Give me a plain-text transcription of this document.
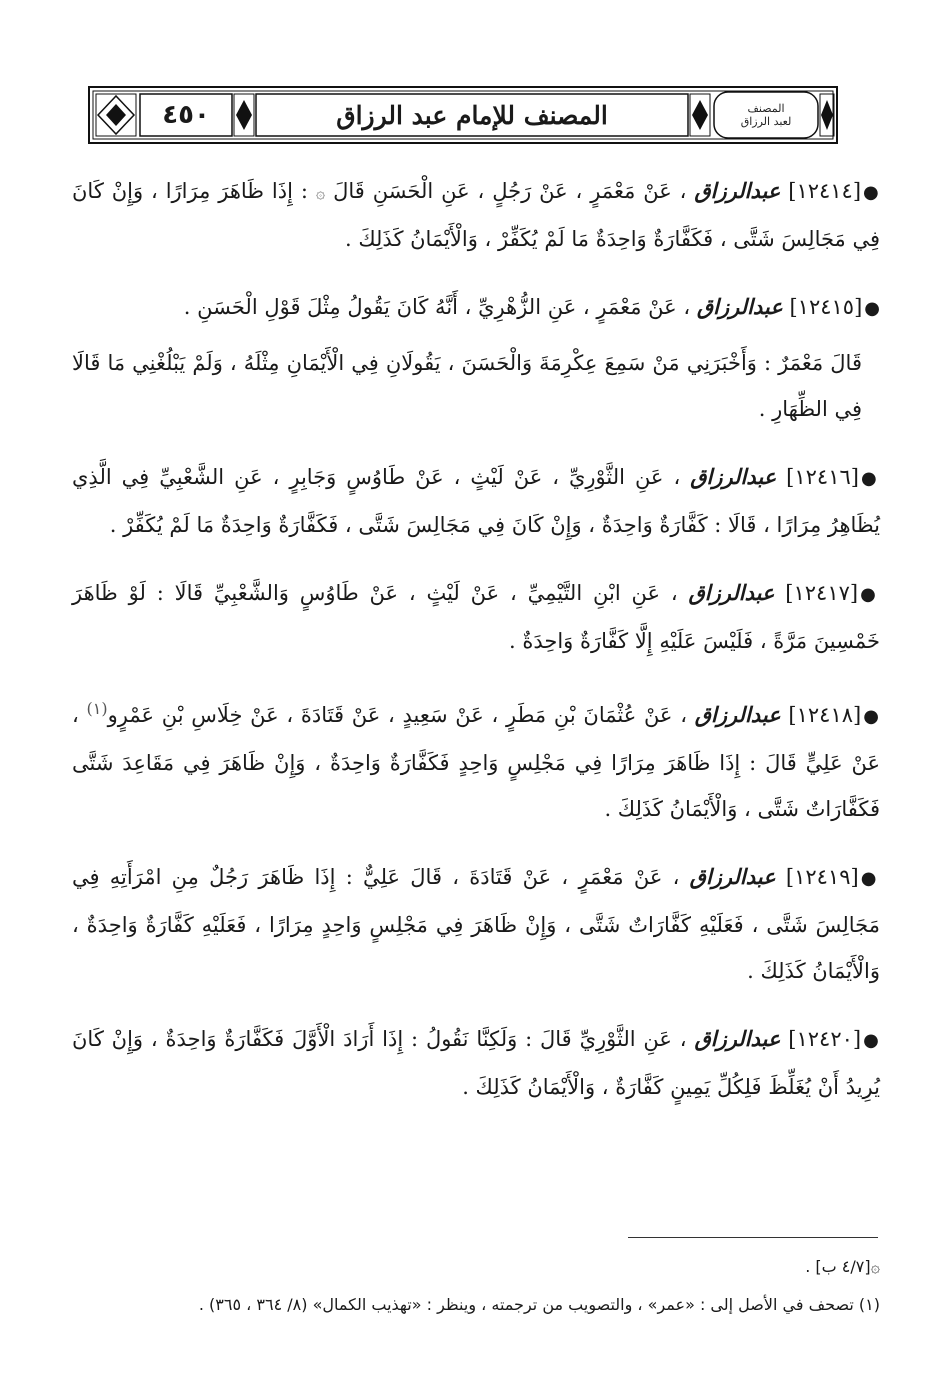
٤٥٠	المصنف للإمام عبد الرزاق	المصنف
لعبد الرزاق

●[١٢٤١٤] عبدالرزاق ، عَنْ مَعْمَرٍ ، عَنْ رَجُلٍ ، عَنِ الْحَسَنِ قَالَ ۞ : إِذَا ظَاهَرَ مِرَارًا ، وَإِنْ كَانَ فِي مَجَالِسَ شَتَّى ، فَكَفَّارَةٌ وَاحِدَةٌ مَا لَمْ يُكَفِّرْ ، وَالْأَيْمَانُ كَذَلِكَ .

●[١٢٤١٥] عبدالرزاق ، عَنْ مَعْمَرٍ ، عَنِ الزُّهْرِيِّ ، أَنَّهُ كَانَ يَقُولُ مِثْلَ قَوْلِ الْحَسَنِ .

قَالَ مَعْمَرٌ : وَأَخْبَرَنِي مَنْ سَمِعَ عِكْرِمَةَ وَالْحَسَنَ ، يَقُولَانِ فِي الْأَيْمَانِ مِثْلَهُ ، وَلَمْ يَبْلُغْنِي مَا قَالَا فِي الظِّهَارِ .

●[١٢٤١٦] عبدالرزاق ، عَنِ الثَّوْرِيِّ ، عَنْ لَيْثٍ ، عَنْ طَاوُسٍ وَجَابِرٍ ، عَنِ الشَّعْبِيِّ فِي الَّذِي يُظَاهِرُ مِرَارًا ، قَالَا : كَفَّارَةٌ وَاحِدَةٌ ، وَإِنْ كَانَ فِي مَجَالِسَ شَتَّى ، فَكَفَّارَةٌ وَاحِدَةٌ مَا لَمْ يُكَفِّرْ .

●[١٢٤١٧] عبدالرزاق ، عَنِ ابْنِ التَّيْمِيِّ ، عَنْ لَيْثٍ ، عَنْ طَاوُسٍ وَالشَّعْبِيِّ قَالَا : لَوْ ظَاهَرَ خَمْسِينَ مَرَّةً ، فَلَيْسَ عَلَيْهِ إِلَّا كَفَّارَةٌ وَاحِدَةٌ .

●[١٢٤١٨] عبدالرزاق ، عَنْ عُثْمَانَ بْنِ مَطَرٍ ، عَنْ سَعِيدٍ ، عَنْ قَتَادَةَ ، عَنْ خِلَاسِ بْنِ عَمْرٍو$^{(١)}$ ، عَنْ عَلِيٍّ قَالَ : إِذَا ظَاهَرَ مِرَارًا فِي مَجْلِسٍ وَاحِدٍ فَكَفَّارَةٌ وَاحِدَةٌ ، وَإِنْ ظَاهَرَ فِي مَقَاعِدَ شَتَّى فَكَفَّارَاتٌ شَتَّى ، وَالْأَيْمَانُ كَذَلِكَ .

●[١٢٤١٩] عبدالرزاق ، عَنْ مَعْمَرٍ ، عَنْ قَتَادَةَ ، قَالَ عَلِيٌّ : إِذَا ظَاهَرَ رَجُلٌ مِنِ امْرَأَتِهِ فِي مَجَالِسَ شَتَّى ، فَعَلَيْهِ كَفَّارَاتٌ شَتَّى ، وَإِنْ ظَاهَرَ فِي مَجْلِسٍ وَاحِدٍ مِرَارًا ، فَعَلَيْهِ كَفَّارَةٌ وَاحِدَةٌ ، وَالْأَيْمَانُ كَذَلِكَ .

●[١٢٤٢٠] عبدالرزاق ، عَنِ الثَّوْرِيِّ قَالَ : وَلَكِنَّا نَقُولُ : إِذَا أَرَادَ الْأَوَّلَ فَكَفَّارَةٌ وَاحِدَةٌ ، وَإِنْ كَانَ يُرِيدُ أَنْ يُغَلِّظَ فَلِكُلِّ يَمِينٍ كَفَّارَةٌ ، وَالْأَيْمَانُ كَذَلِكَ .

۞[٤/٧ ب] .

(١) تصحف في الأصل إلى : «عمر» ، والتصويب من ترجمته ، وينظر : «تهذيب الكمال» (٨/ ٣٦٤ ، ٣٦٥) .
